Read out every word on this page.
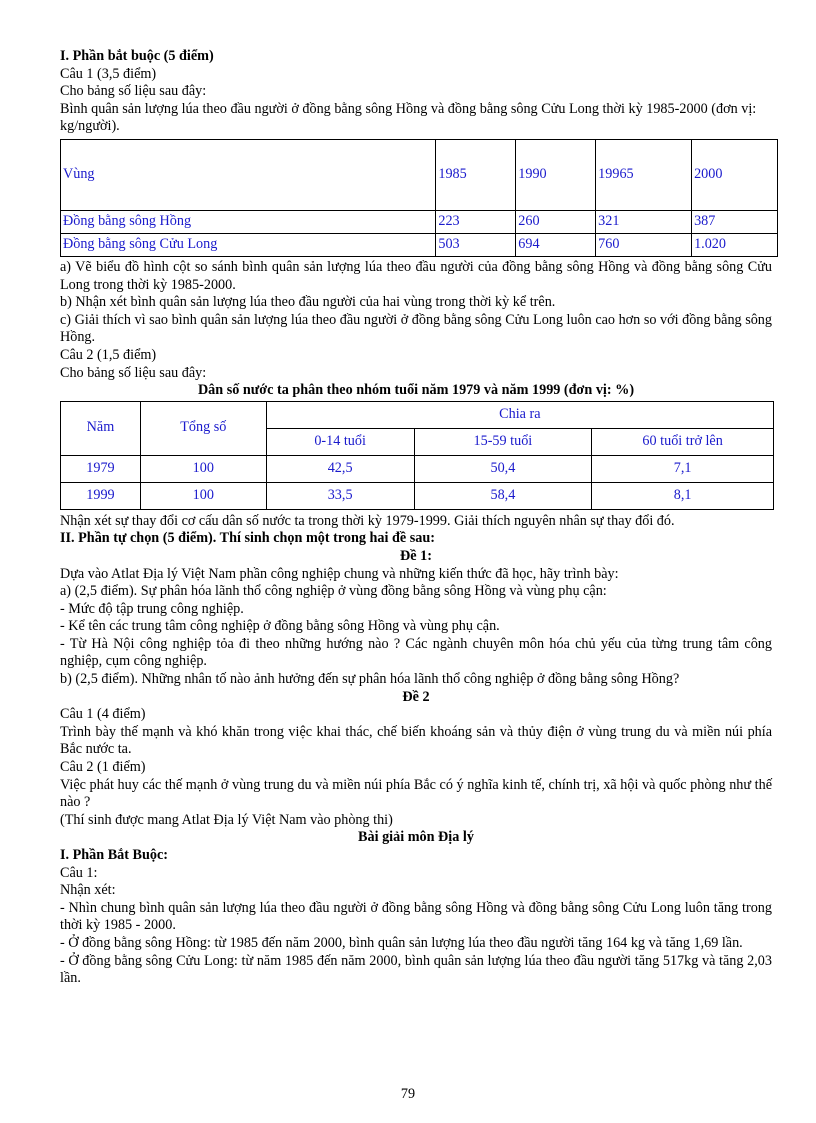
I. Phần bắt buộc (5 điểm)

Câu 1 (3,5 điểm)

Cho bảng số liệu sau đây:

Bình quân sản lượng lúa theo đầu người ở đồng bằng sông Hồng và đồng bằng sông Cửu Long thời kỳ 1985-2000 (đơn vị: kg/người).

Vùng	1985	1990	19965	2000
Đồng bằng sông Hồng	223	260	321	387
Đồng bằng sông Cửu Long	503	694	760	1.020

a) Vẽ biểu đồ hình cột so sánh bình quân sản lượng lúa theo đầu người của đồng bằng sông Hồng và đồng bằng sông Cửu Long trong thời kỳ 1985-2000.

b) Nhận xét bình quân sản lượng lúa theo đầu người của hai vùng trong thời kỳ kể trên.

c) Giải thích vì sao bình quân sản lượng lúa theo đầu người ở đồng bằng sông Cửu Long luôn cao hơn so với đồng bằng sông Hồng.

Câu 2 (1,5 điểm)

Cho bảng số liệu sau đây:

Dân số nước ta phân theo nhóm tuổi năm 1979 và năm 1999 (đơn vị: %)

Năm	Tổng số	Chia ra		
		0-14 tuổi	15-59 tuổi	60 tuổi trở lên
1979	100	42,5	50,4	7,1
1999	100	33,5	58,4	8,1

Nhận xét sự thay đổi cơ cấu dân số nước ta trong thời kỳ 1979-1999. Giải thích nguyên nhân sự thay đổi đó.

II. Phần tự chọn (5 điểm). Thí sinh chọn một trong hai đề sau:

Đề 1:

Dựa vào Atlat Địa lý Việt Nam phần công nghiệp chung và những kiến thức đã học, hãy trình bày:

a) (2,5 điểm). Sự phân hóa lãnh thổ công nghiệp ở vùng đồng bằng sông Hồng và vùng phụ cận:

- Mức độ tập trung công nghiệp.

- Kể tên các trung tâm công nghiệp ở đồng bằng sông Hồng và vùng phụ cận.

- Từ Hà Nội công nghiệp tỏa đi theo những hướng nào ? Các ngành chuyên môn hóa chủ yếu của từng trung tâm công nghiệp, cụm công nghiệp.

b) (2,5 điểm). Những nhân tố nào ảnh hưởng đến sự phân hóa lãnh thổ công nghiệp ở đồng bằng sông Hồng?

Đề 2

Câu 1 (4 điểm)

Trình bày thế mạnh và khó khăn trong việc khai thác, chế biến khoáng sản và thủy điện ở vùng trung du và miền núi phía Bắc nước ta.

Câu 2 (1 điểm)

Việc phát huy các thế mạnh ở vùng trung du và miền núi phía Bắc có ý nghĩa kinh tế, chính trị, xã hội và quốc phòng như thế nào ?

(Thí sinh được mang Atlat Địa lý Việt Nam vào phòng thi)

Bài giải môn Địa lý

I. Phần Bắt Buộc:

Câu 1:

Nhận xét:

- Nhìn chung bình quân sản lượng lúa theo đầu người ở đồng bằng sông Hồng và đồng bằng sông Cửu Long luôn tăng trong thời kỳ 1985 - 2000.

- Ở đồng bằng sông Hồng: từ 1985 đến năm 2000, bình quân sản lượng lúa theo đầu người tăng 164 kg và tăng 1,69 lần.

- Ở đồng bằng sông Cửu Long: từ năm 1985 đến năm 2000, bình quân sản lượng lúa theo đầu người tăng 517kg và tăng 2,03 lần.

79
